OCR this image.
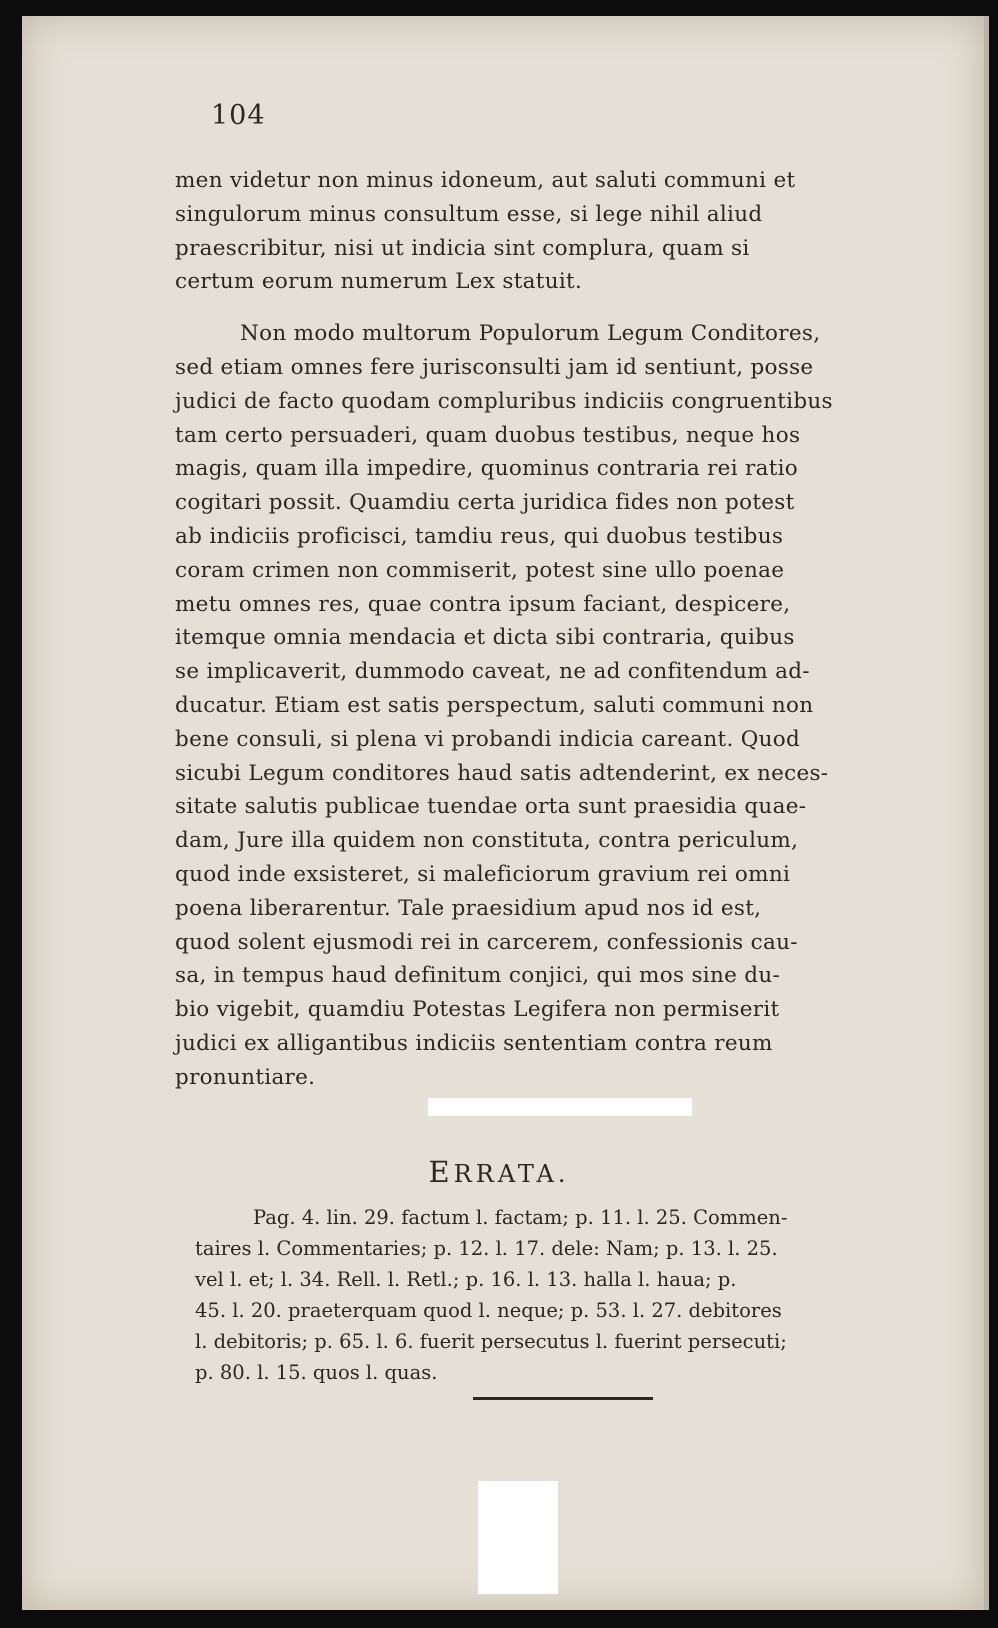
104
men videtur non minus idoneum, aut saluti communi et
singulorum minus consultum esse, si lege nihil aliud
praescribitur, nisi ut indicia sint complura, quam si
certum eorum numerum Lex statuit.
Non modo multorum Populorum Legum Conditores,
sed etiam omnes fere jurisconsulti jam id sentiunt, posse
judici de facto quodam compluribus indiciis congruentibus
tam certo persuaderi, quam duobus testibus, neque hos
magis, quam illa impedire, quominus contraria rei ratio
cogitari possit. Quamdiu certa juridica fides non potest
ab indiciis proficisci, tamdiu reus, qui duobus testibus
coram crimen non commiserit, potest sine ullo poenae
metu omnes res, quae contra ipsum faciant, despicere,
itemque omnia mendacia et dicta sibi contraria, quibus
se implicaverit, dummodo caveat, ne ad confitendum ad-
ducatur. Etiam est satis perspectum, saluti communi non
bene consuli, si plena vi probandi indicia careant. Quod
sicubi Legum conditores haud satis adtenderint, ex neces-
sitate salutis publicae tuendae orta sunt praesidia quae-
dam, Jure illa quidem non constituta, contra periculum,
quod inde exsisteret, si maleficiorum gravium rei omni
poena liberarentur. Tale praesidium apud nos id est,
quod solent ejusmodi rei in carcerem, confessionis cau-
sa, in tempus haud definitum conjici, qui mos sine du-
bio vigebit, quamdiu Potestas Legifera non permiserit
judici ex alligantibus indiciis sententiam contra reum
pronuntiare.
ERRATA.
Pag. 4. lin. 29. factum l. factam; p. 11. l. 25. Commen-
taires l. Commentaries; p. 12. l. 17. dele: Nam; p. 13. l. 25.
vel l. et; l. 34. Rell. l. Retl.; p. 16. l. 13. halla l. haua; p.
45. l. 20. praeterquam quod l. neque; p. 53. l. 27. debitores
l. debitoris; p. 65. l. 6. fuerit persecutus l. fuerint persecuti;
p. 80. l. 15. quos l. quas.
